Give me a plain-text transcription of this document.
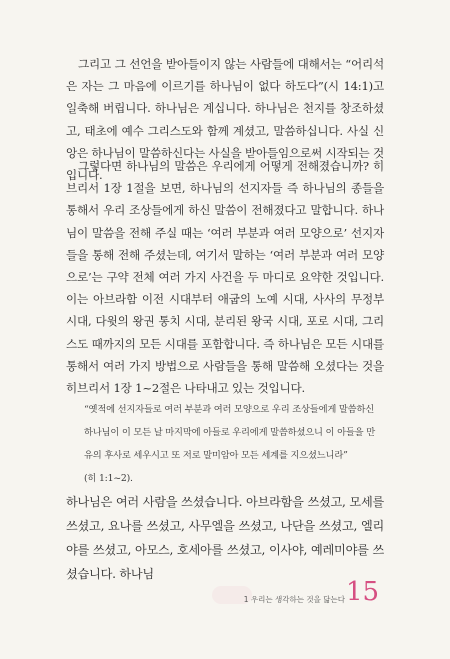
그리고 그 선언을 받아들이지 않는 사람들에 대해서는 “어리석은 자는 그 마음에 이르기를 하나님이 없다 하도다”(시 14:1)고 일축해 버립니다. 하나님은 계십니다. 하나님은 천지를 창조하셨고, 태초에 예수 그리스도와 함께 계셨고, 말씀하십니다. 사실 신앙은 하나님이 말씀하신다는 사실을 받아들임으로써 시작되는 것입니다.

그렇다면 하나님의 말씀은 우리에게 어떻게 전해졌습니까? 히브리서 1장 1절을 보면, 하나님의 선지자들 즉 하나님의 종들을 통해서 우리 조상들에게 하신 말씀이 전해졌다고 말합니다. 하나님이 말씀을 전해 주실 때는 ‘여러 부분과 여러 모양으로’ 선지자들을 통해 전해 주셨는데, 여기서 말하는 ‘여러 부분과 여러 모양으로’는 구약 전체 여러 가지 사건을 두 마디로 요약한 것입니다. 이는 아브라함 이전 시대부터 애굽의 노예 시대, 사사의 무정부 시대, 다윗의 왕권 통치 시대, 분리된 왕국 시대, 포로 시대, 그리스도 때까지의 모든 시대를 포함합니다. 즉 하나님은 모든 시대를 통해서 여러 가지 방법으로 사람들을 통해 말씀해 오셨다는 것을 히브리서 1장 1~2절은 나타내고 있는 것입니다.

“옛적에 선지자들로 여러 부분과 여러 모양으로 우리 조상들에게 말씀하신 하나님이 이 모든 날 마지막에 아들로 우리에게 말씀하셨으니 이 아들을 만유의 후사로 세우시고 또 저로 말미암아 모든 세계를 지으셨느니라”
(히 1:1~2).

하나님은 여러 사람을 쓰셨습니다. 아브라함을 쓰셨고, 모세를 쓰셨고, 요나를 쓰셨고, 사무엘을 쓰셨고, 나단을 쓰셨고, 엘리야를 쓰셨고, 아모스, 호세아를 쓰셨고, 이사야, 예레미야를 쓰셨습니다. 하나님

1 우리는 생각하는 것을 닮는다 15
